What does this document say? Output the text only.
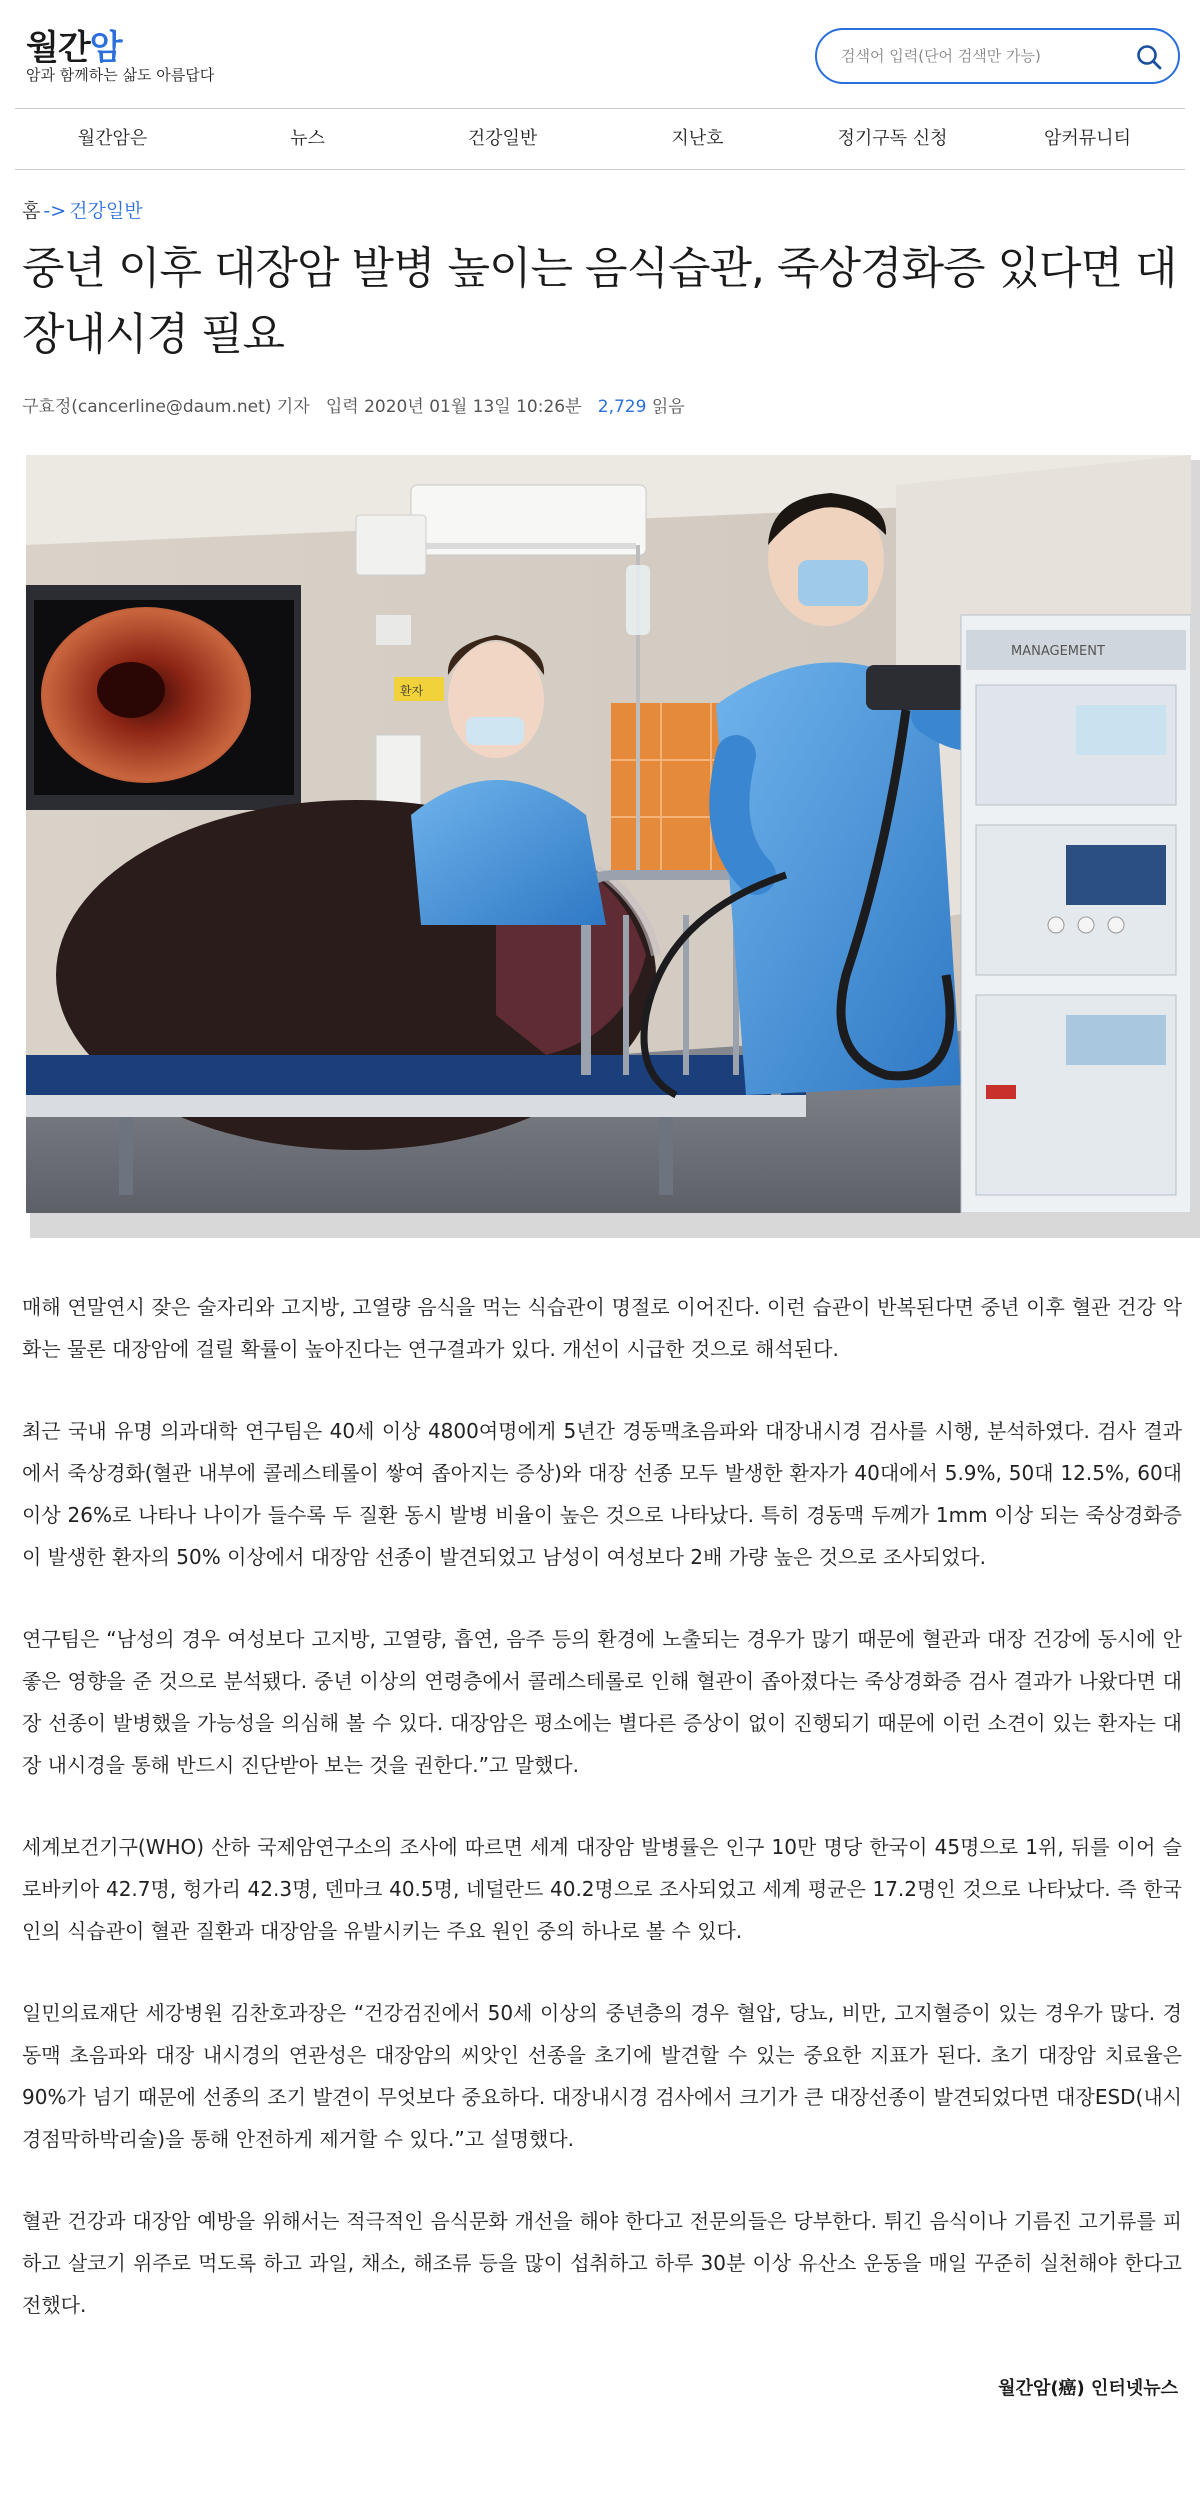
월간암
암과 함께하는 삶도 아름답다
검색어 입력(단어 검색만 가능)
월간암은	뉴스	건강일반	지난호	정기구독 신청	암커뮤니티
홈 -> 건강일반
중년 이후 대장암 발병 높이는 음식습관, 죽상경화증 있다면 대장내시경 필요
구효정(cancerline@daum.net) 기자 입력 2020년 01월 13일 10:26분 2,729 읽음
환자
MANAGEMENT

매해 연말연시 잦은 술자리와 고지방, 고열량 음식을 먹는 식습관이 명절로 이어진다. 이런 습관이 반복된다면 중년 이후 혈관 건강 악화는 물론 대장암에 걸릴 확률이 높아진다는 연구결과가 있다. 개선이 시급한 것으로 해석된다.

최근 국내 유명 의과대학 연구팀은 40세 이상 4800여명에게 5년간 경동맥초음파와 대장내시경 검사를 시행, 분석하였다. 검사 결과에서 죽상경화(혈관 내부에 콜레스테롤이 쌓여 좁아지는 증상)와 대장 선종 모두 발생한 환자가 40대에서 5.9%, 50대 12.5%, 60대 이상 26%로 나타나 나이가 들수록 두 질환 동시 발병 비율이 높은 것으로 나타났다. 특히 경동맥 두께가 1mm 이상 되는 죽상경화증이 발생한 환자의 50% 이상에서 대장암 선종이 발견되었고 남성이 여성보다 2배 가량 높은 것으로 조사되었다.

연구팀은 “남성의 경우 여성보다 고지방, 고열량, 흡연, 음주 등의 환경에 노출되는 경우가 많기 때문에 혈관과 대장 건강에 동시에 안 좋은 영향을 준 것으로 분석됐다. 중년 이상의 연령층에서 콜레스테롤로 인해 혈관이 좁아졌다는 죽상경화증 검사 결과가 나왔다면 대장 선종이 발병했을 가능성을 의심해 볼 수 있다. 대장암은 평소에는 별다른 증상이 없이 진행되기 때문에 이런 소견이 있는 환자는 대장 내시경을 통해 반드시 진단받아 보는 것을 권한다.”고 말했다.

세계보건기구(WHO) 산하 국제암연구소의 조사에 따르면 세계 대장암 발병률은 인구 10만 명당 한국이 45명으로 1위, 뒤를 이어 슬로바키아 42.7명, 헝가리 42.3명, 덴마크 40.5명, 네덜란드 40.2명으로 조사되었고 세계 평균은 17.2명인 것으로 나타났다. 즉 한국인의 식습관이 혈관 질환과 대장암을 유발시키는 주요 원인 중의 하나로 볼 수 있다.

일민의료재단 세강병원 김찬호과장은 “건강검진에서 50세 이상의 중년층의 경우 혈압, 당뇨, 비만, 고지혈증이 있는 경우가 많다. 경동맥 초음파와 대장 내시경의 연관성은 대장암의 씨앗인 선종을 초기에 발견할 수 있는 중요한 지표가 된다. 초기 대장암 치료율은 90%가 넘기 때문에 선종의 조기 발견이 무엇보다 중요하다. 대장내시경 검사에서 크기가 큰 대장선종이 발견되었다면 대장ESD(내시경점막하박리술)을 통해 안전하게 제거할 수 있다.”고 설명했다.

혈관 건강과 대장암 예방을 위해서는 적극적인 음식문화 개선을 해야 한다고 전문의들은 당부한다. 튀긴 음식이나 기름진 고기류를 피하고 살코기 위주로 먹도록 하고 과일, 채소, 해조류 등을 많이 섭취하고 하루 30분 이상 유산소 운동을 매일 꾸준히 실천해야 한다고 전했다.

월간암(癌) 인터넷뉴스
